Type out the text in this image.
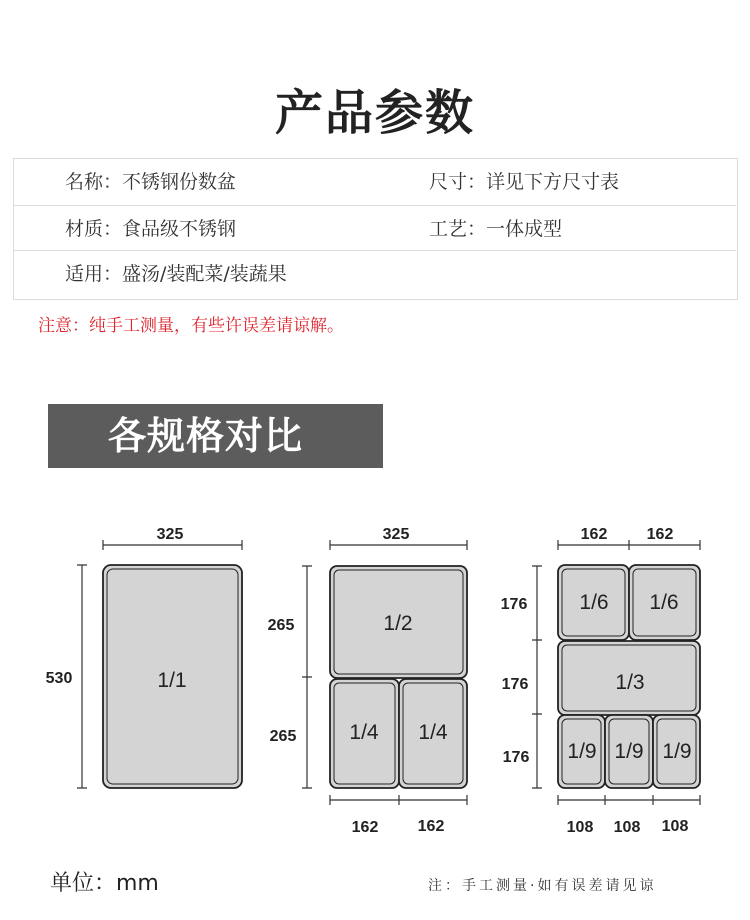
产品参数
名称：不锈钢份数盆	尺寸：详见下方尺寸表
材质：食品级不锈钢	工艺：一体成型
适用：盛汤/装配菜/装蔬果
注意：纯手工测量，有些许误差请谅解。
各规格对比
1/1
1/2
1/4 1/4
1/6 1/6
1/3
1/9 1/9 1/9
325
530
325
265
265
162 162
162 162
176
176
176
108 108 108
单位：mm	注：手工测量·如有误差请见谅
